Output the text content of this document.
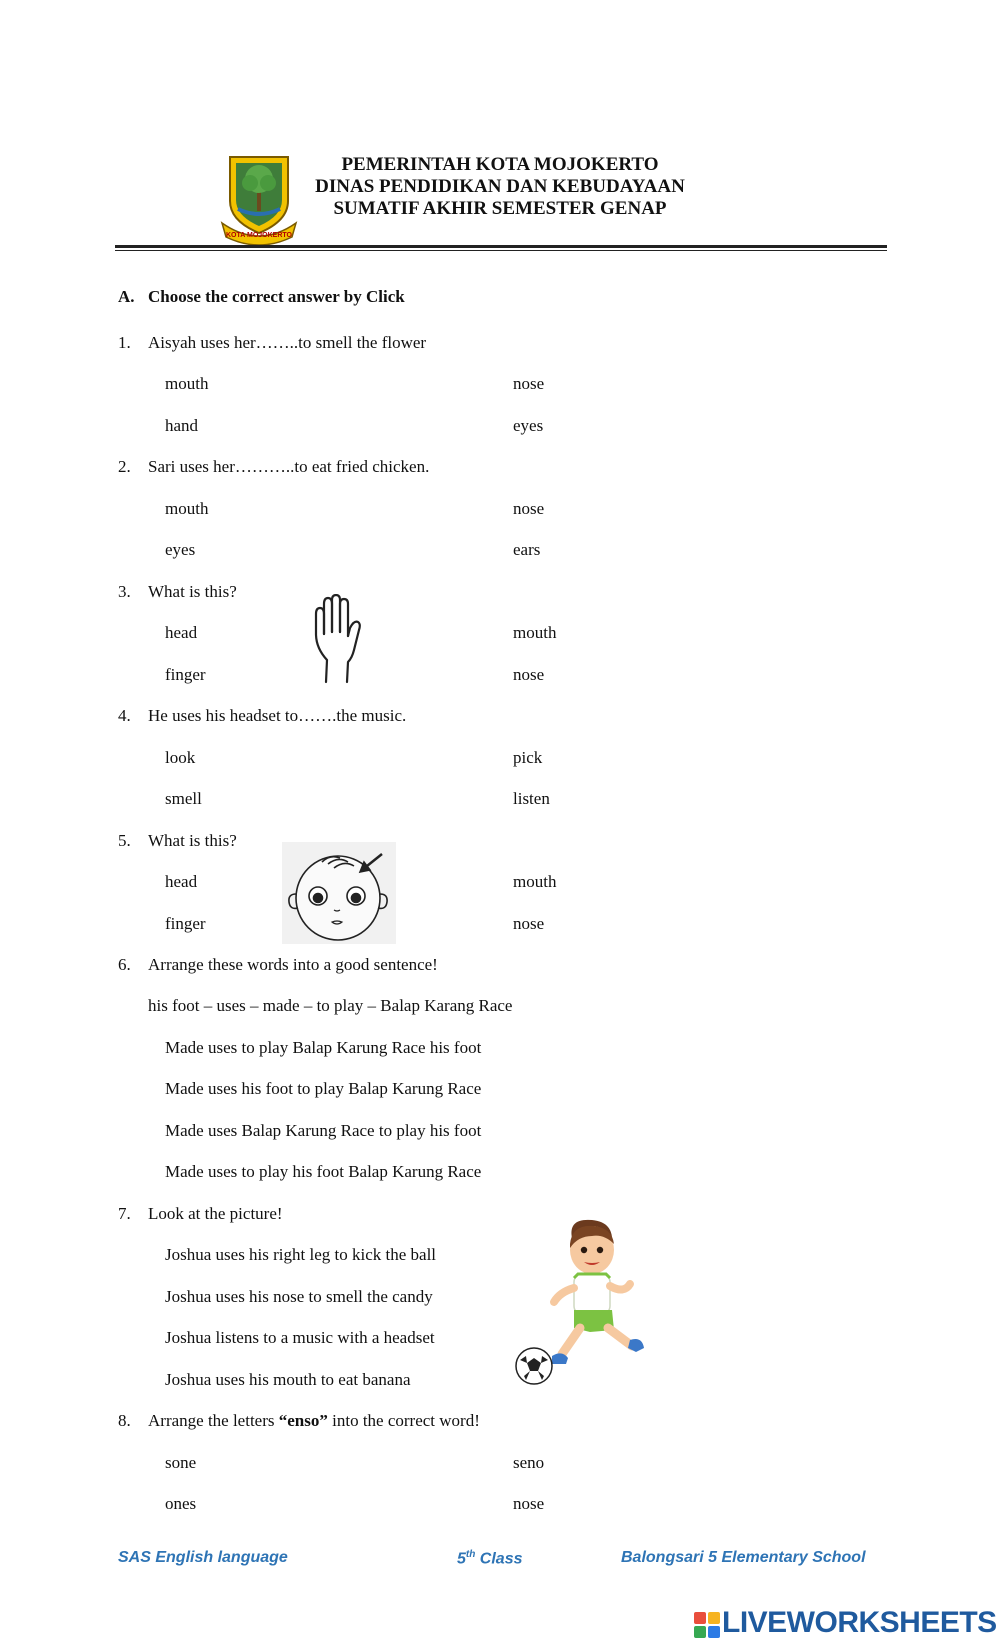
KOTA MOJOKERTO
PEMERINTAH KOTA MOJOKERTO
DINAS PENDIDIKAN DAN KEBUDAYAAN
SUMATIF AKHIR SEMESTER GENAP
A. Choose the correct answer by Click
1. Aisyah uses her……..to smell the flower
mouth	nose
hand	eyes
2. Sari uses her………..to eat fried chicken.
mouth	nose
eyes	ears
3. What is this?
head	mouth
finger	nose
4. He uses his headset to…….the music.
look	pick
smell	listen
5. What is this?
head	mouth
finger	nose
6. Arrange these words into a good sentence!
his foot – uses – made – to play – Balap Karang Race
Made uses to play Balap Karung Race his foot
Made uses his foot to play Balap Karung Race
Made uses Balap Karung Race to play his foot
Made uses to play his foot Balap Karung Race
7. Look at the picture!
Joshua uses his right leg to kick the ball
Joshua uses his nose to smell the candy
Joshua listens to a music with a headset
Joshua uses his mouth to eat banana
8. Arrange the letters “enso” into the correct word!
sone	seno
ones	nose
SAS English language	5th Class	Balongsari 5 Elementary School
LIVEWORKSHEETS
